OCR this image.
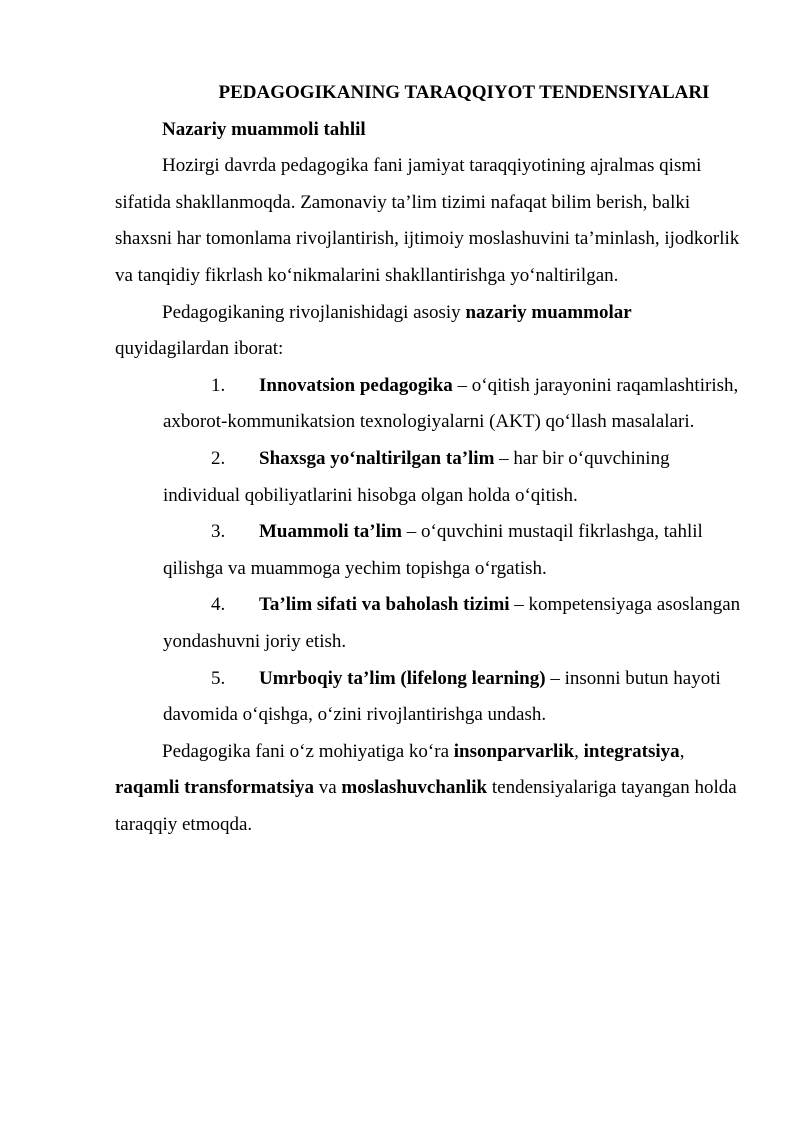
PEDAGOGIKANING TARAQQIYOT TENDENSIYALARI

Nazariy muammoli tahlil

Hozirgi davrda pedagogika fani jamiyat taraqqiyotining ajralmas qismi sifatida shakllanmoqda. Zamonaviy ta’lim tizimi nafaqat bilim berish, balki shaxsni har tomonlama rivojlantirish, ijtimoiy moslashuvini ta’minlash, ijodkorlik va tanqidiy fikrlash ko‘nikmalarini shakllantirishga yo‘naltirilgan.

Pedagogikaning rivojlanishidagi asosiy nazariy muammolar quyidagilardan iborat:

1. Innovatsion pedagogika – o‘qitish jarayonini raqamlashtirish, axborot-kommunikatsion texnologiyalarni (AKT) qo‘llash masalalari.
2. Shaxsga yo‘naltirilgan ta’lim – har bir o‘quvchining individual qobiliyatlarini hisobga olgan holda o‘qitish.
3. Muammoli ta’lim – o‘quvchini mustaqil fikrlashga, tahlil qilishga va muammoga yechim topishga o‘rgatish.
4. Ta’lim sifati va baholash tizimi – kompetensiyaga asoslangan yondashuvni joriy etish.
5. Umrboqiy ta’lim (lifelong learning) – insonni butun hayoti davomida o‘qishga, o‘zini rivojlantirishga undash.

Pedagogika fani o‘z mohiyatiga ko‘ra insonparvarlik, integratsiya, raqamli transformatsiya va moslashuvchanlik tendensiyalariga tayangan holda taraqqiy etmoqda.
